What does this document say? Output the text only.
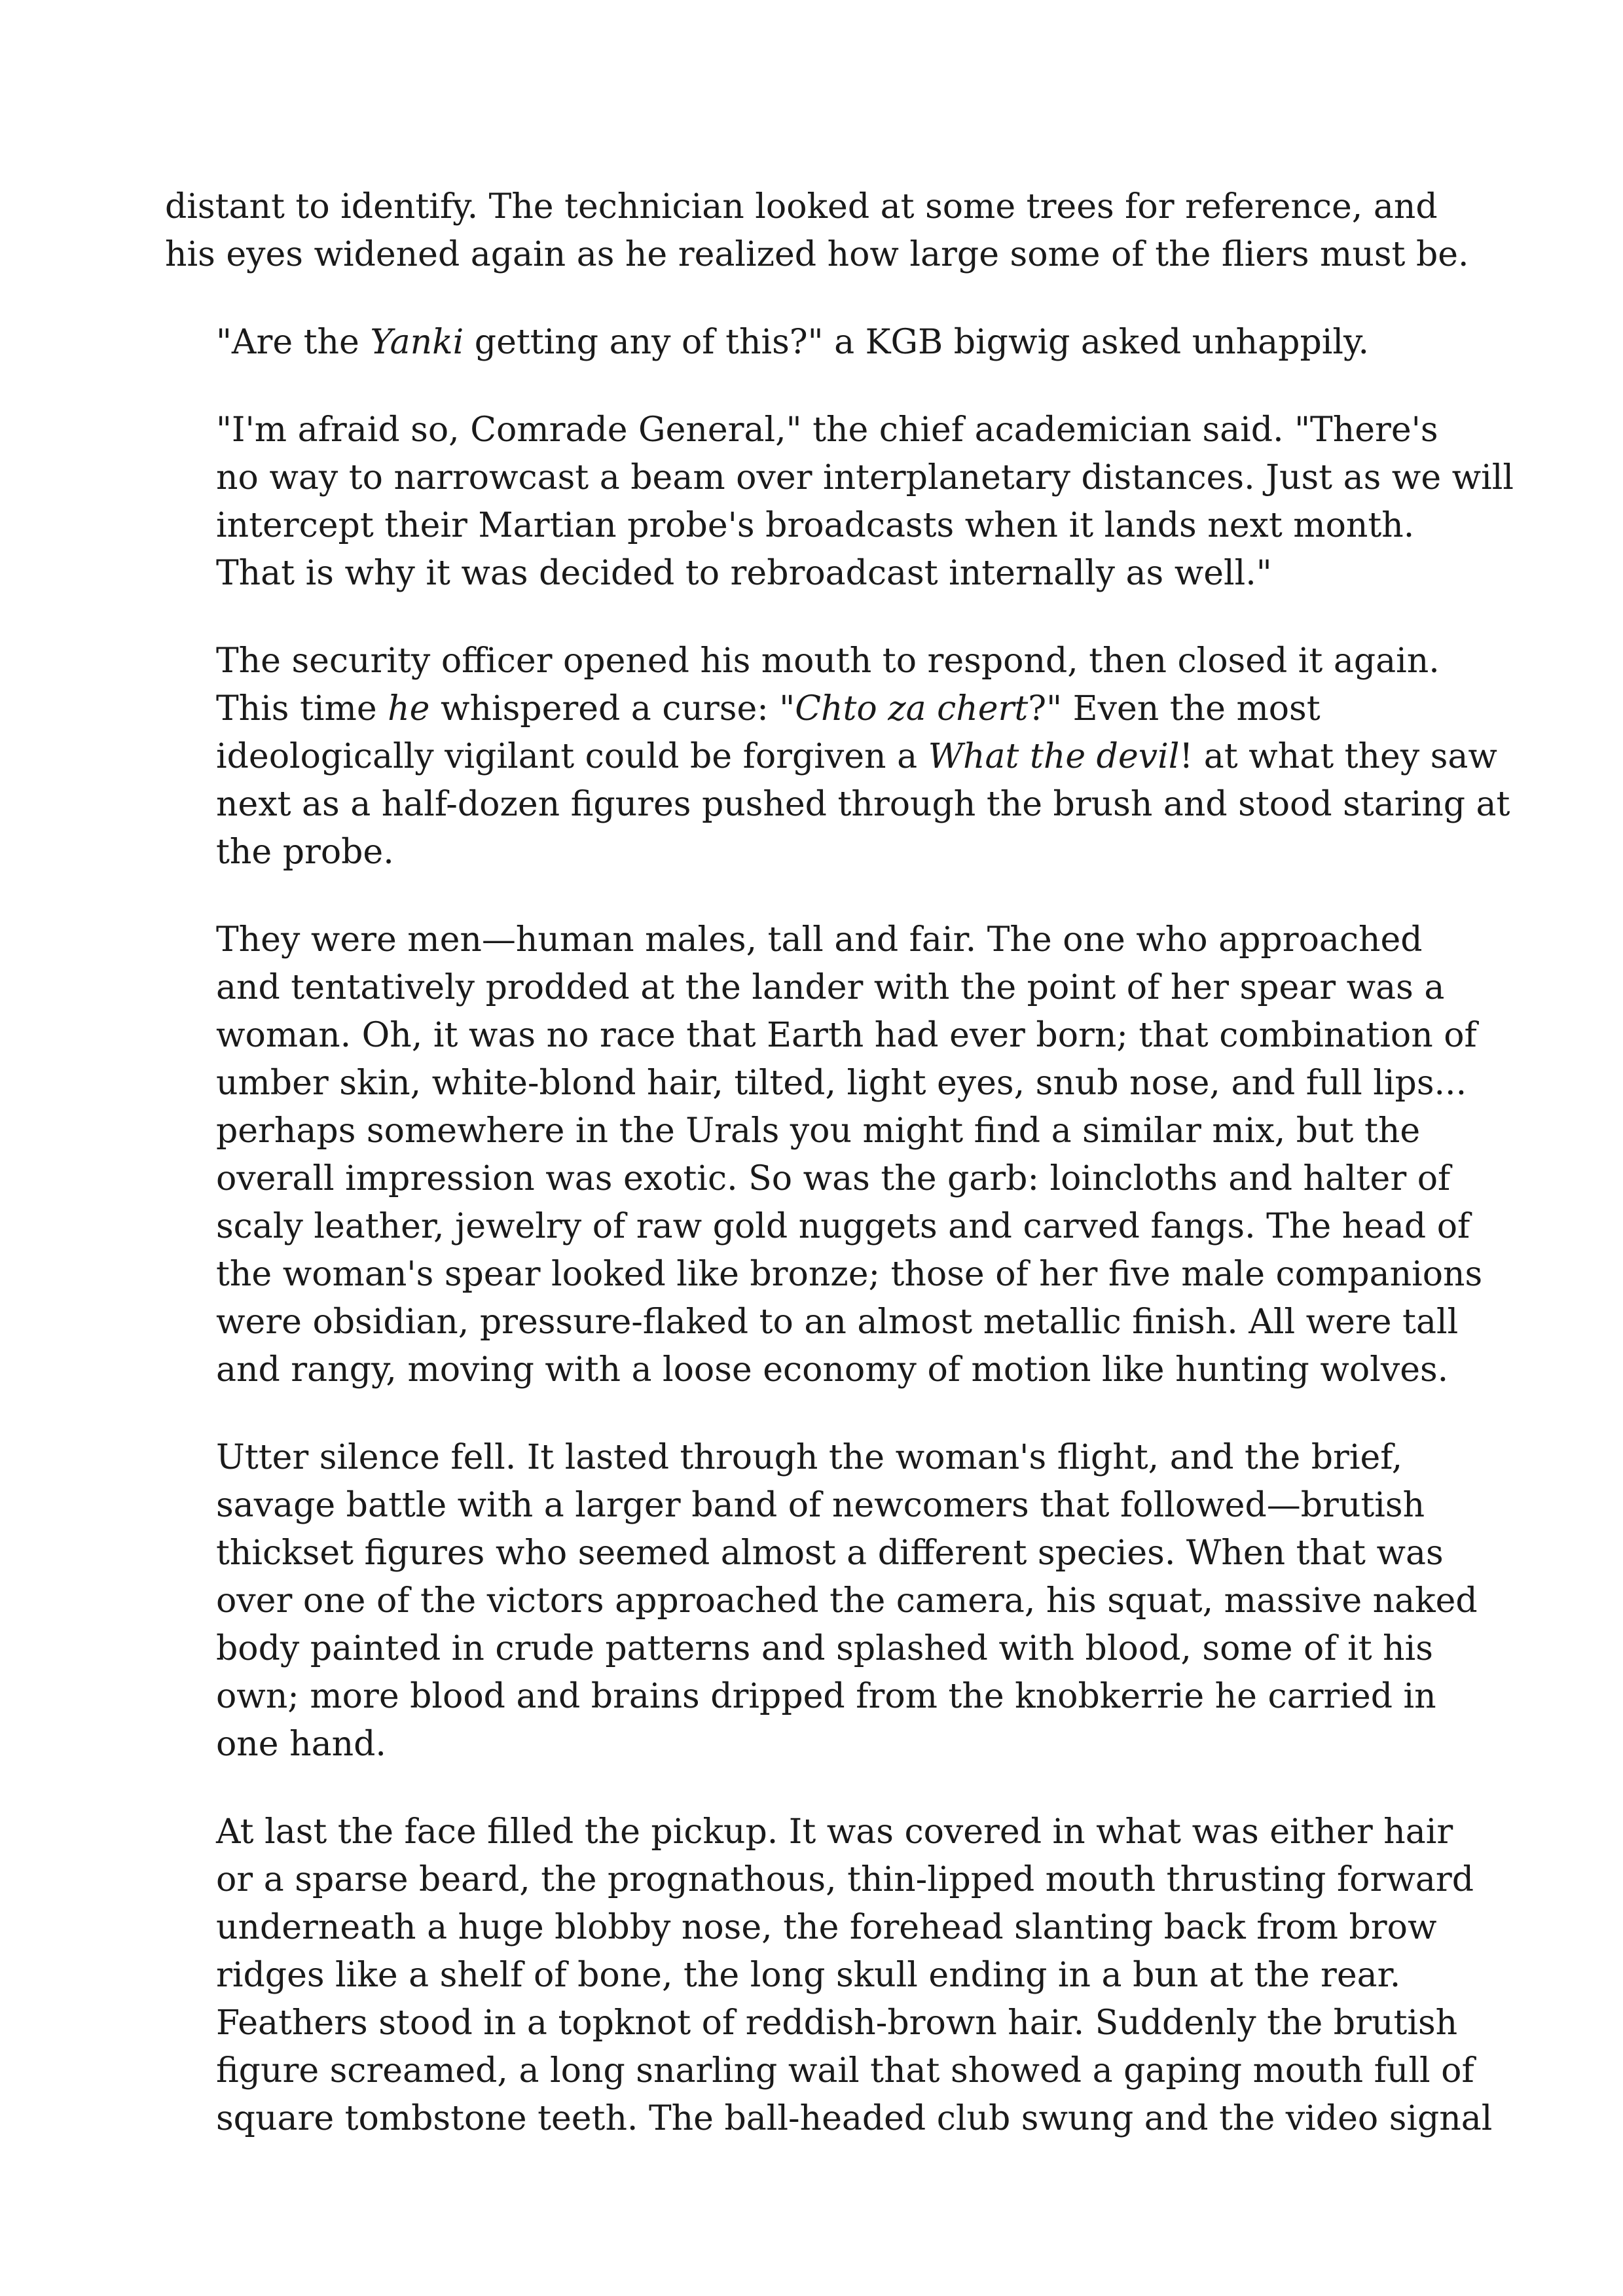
distant to identify. The technician looked at some trees for reference, and
his eyes widened again as he realized how large some of the fliers must be.

"Are the Yanki getting any of this?" a KGB bigwig asked unhappily.

"I'm afraid so, Comrade General," the chief academician said. "There's
no way to narrowcast a beam over interplanetary distances. Just as we will
intercept their Martian probe's broadcasts when it lands next month.
That is why it was decided to rebroadcast internally as well."

The security officer opened his mouth to respond, then closed it again.
This time he whispered a curse: "Chto za chert?" Even the most
ideologically vigilant could be forgiven a What the devil! at what they saw
next as a half-dozen figures pushed through the brush and stood staring at
the probe.

They were men—human males, tall and fair. The one who approached
and tentatively prodded at the lander with the point of her spear was a
woman. Oh, it was no race that Earth had ever born; that combination of
umber skin, white-blond hair, tilted, light eyes, snub nose, and full lips...
perhaps somewhere in the Urals you might find a similar mix, but the
overall impression was exotic. So was the garb: loincloths and halter of
scaly leather, jewelry of raw gold nuggets and carved fangs. The head of
the woman's spear looked like bronze; those of her five male companions
were obsidian, pressure-flaked to an almost metallic finish. All were tall
and rangy, moving with a loose economy of motion like hunting wolves.

Utter silence fell. It lasted through the woman's flight, and the brief,
savage battle with a larger band of newcomers that followed—brutish
thickset figures who seemed almost a different species. When that was
over one of the victors approached the camera, his squat, massive naked
body painted in crude patterns and splashed with blood, some of it his
own; more blood and brains dripped from the knobkerrie he carried in
one hand.

At last the face filled the pickup. It was covered in what was either hair
or a sparse beard, the prognathous, thin-lipped mouth thrusting forward
underneath a huge blobby nose, the forehead slanting back from brow
ridges like a shelf of bone, the long skull ending in a bun at the rear.
Feathers stood in a topknot of reddish-brown hair. Suddenly the brutish
figure screamed, a long snarling wail that showed a gaping mouth full of
square tombstone teeth. The ball-headed club swung and the video signal
